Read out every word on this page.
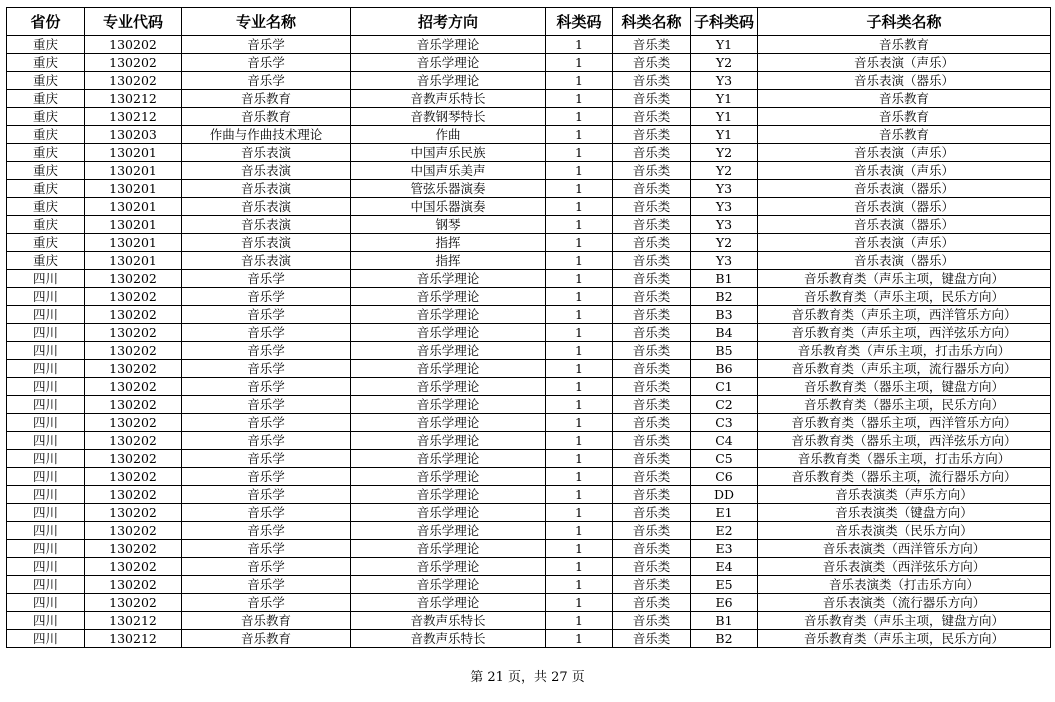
省份	专业代码	专业名称	招考方向	科类码	科类名称	子科类码	子科类名称
重庆	130202	音乐学	音乐学理论	1	音乐类	Y1	音乐教育
重庆	130202	音乐学	音乐学理论	1	音乐类	Y2	音乐表演（声乐）
重庆	130202	音乐学	音乐学理论	1	音乐类	Y3	音乐表演（器乐）
重庆	130212	音乐教育	音教声乐特长	1	音乐类	Y1	音乐教育
重庆	130212	音乐教育	音教钢琴特长	1	音乐类	Y1	音乐教育
重庆	130203	作曲与作曲技术理论	作曲	1	音乐类	Y1	音乐教育
重庆	130201	音乐表演	中国声乐民族	1	音乐类	Y2	音乐表演（声乐）
重庆	130201	音乐表演	中国声乐美声	1	音乐类	Y2	音乐表演（声乐）
重庆	130201	音乐表演	管弦乐器演奏	1	音乐类	Y3	音乐表演（器乐）
重庆	130201	音乐表演	中国乐器演奏	1	音乐类	Y3	音乐表演（器乐）
重庆	130201	音乐表演	钢琴	1	音乐类	Y3	音乐表演（器乐）
重庆	130201	音乐表演	指挥	1	音乐类	Y2	音乐表演（声乐）
重庆	130201	音乐表演	指挥	1	音乐类	Y3	音乐表演（器乐）
四川	130202	音乐学	音乐学理论	1	音乐类	B1	音乐教育类（声乐主项，键盘方向）
四川	130202	音乐学	音乐学理论	1	音乐类	B2	音乐教育类（声乐主项，民乐方向）
四川	130202	音乐学	音乐学理论	1	音乐类	B3	音乐教育类（声乐主项，西洋管乐方向）
四川	130202	音乐学	音乐学理论	1	音乐类	B4	音乐教育类（声乐主项，西洋弦乐方向）
四川	130202	音乐学	音乐学理论	1	音乐类	B5	音乐教育类（声乐主项，打击乐方向）
四川	130202	音乐学	音乐学理论	1	音乐类	B6	音乐教育类（声乐主项，流行器乐方向）
四川	130202	音乐学	音乐学理论	1	音乐类	C1	音乐教育类（器乐主项，键盘方向）
四川	130202	音乐学	音乐学理论	1	音乐类	C2	音乐教育类（器乐主项，民乐方向）
四川	130202	音乐学	音乐学理论	1	音乐类	C3	音乐教育类（器乐主项，西洋管乐方向）
四川	130202	音乐学	音乐学理论	1	音乐类	C4	音乐教育类（器乐主项，西洋弦乐方向）
四川	130202	音乐学	音乐学理论	1	音乐类	C5	音乐教育类（器乐主项，打击乐方向）
四川	130202	音乐学	音乐学理论	1	音乐类	C6	音乐教育类（器乐主项，流行器乐方向）
四川	130202	音乐学	音乐学理论	1	音乐类	DD	音乐表演类（声乐方向）
四川	130202	音乐学	音乐学理论	1	音乐类	E1	音乐表演类（键盘方向）
四川	130202	音乐学	音乐学理论	1	音乐类	E2	音乐表演类（民乐方向）
四川	130202	音乐学	音乐学理论	1	音乐类	E3	音乐表演类（西洋管乐方向）
四川	130202	音乐学	音乐学理论	1	音乐类	E4	音乐表演类（西洋弦乐方向）
四川	130202	音乐学	音乐学理论	1	音乐类	E5	音乐表演类（打击乐方向）
四川	130202	音乐学	音乐学理论	1	音乐类	E6	音乐表演类（流行器乐方向）
四川	130212	音乐教育	音教声乐特长	1	音乐类	B1	音乐教育类（声乐主项，键盘方向）
四川	130212	音乐教育	音教声乐特长	1	音乐类	B2	音乐教育类（声乐主项，民乐方向）
第 21 页，共 27 页
